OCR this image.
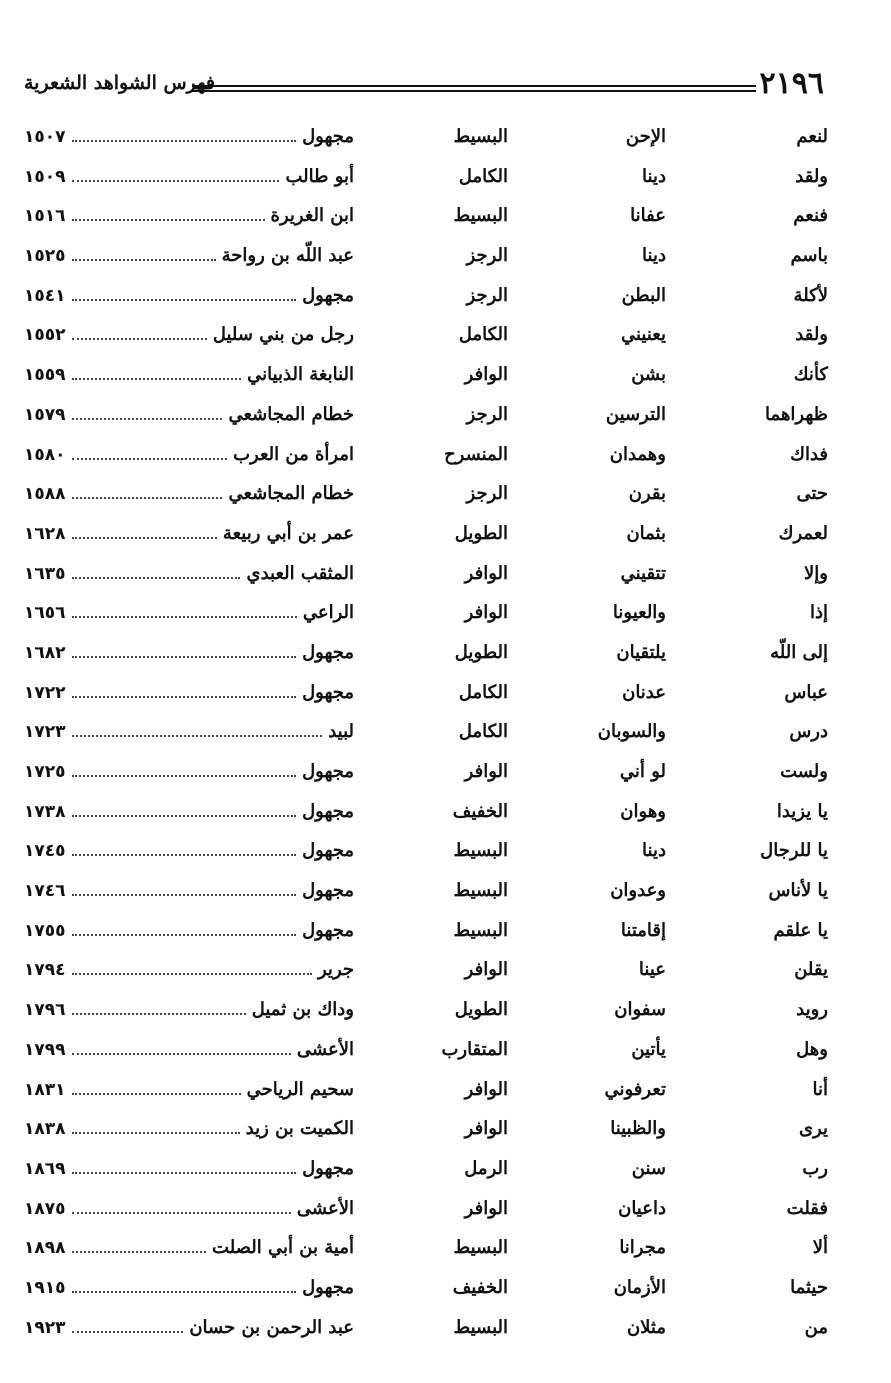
٢١٩٦
فهرس الشواهد الشعرية
لنعم
الإحن
البسيط
مجهول
١٥٠٧
ولقد
دينا
الكامل
أبو طالب
١٥٠٩
فنعم
عفانا
البسيط
ابن الغريرة
١٥١٦
باسم
دينا
الرجز
عبد اللّه بن رواحة
١٥٢٥
لأكلة
البطن
الرجز
مجهول
١٥٤١
ولقد
يعنيني
الكامل
رجل من بني سليل
١٥٥٢
كأنك
بشن
الوافر
النابغة الذبياني
١٥٥٩
ظهراهما
الترسين
الرجز
خطام المجاشعي
١٥٧٩
فداك
وهمدان
المنسرح
امرأة من العرب
١٥٨٠
حتى
بقرن
الرجز
خطام المجاشعي
١٥٨٨
لعمرك
بثمان
الطويل
عمر بن أبي ربيعة
١٦٢٨
وإلا
تتقيني
الوافر
المثقب العبدي
١٦٣٥
إذا
والعيونا
الوافر
الراعي
١٦٥٦
إلى اللّه
يلتقيان
الطويل
مجهول
١٦٨٢
عباس
عدنان
الكامل
مجهول
١٧٢٢
درس
والسوبان
الكامل
لبيد
١٧٢٣
ولست
لو أني
الوافر
مجهول
١٧٢٥
يا يزيدا
وهوان
الخفيف
مجهول
١٧٣٨
يا للرجال
دينا
البسيط
مجهول
١٧٤٥
يا لأناس
وعدوان
البسيط
مجهول
١٧٤٦
يا علقم
إقامتنا
البسيط
مجهول
١٧٥٥
يقلن
عينا
الوافر
جرير
١٧٩٤
رويد
سفوان
الطويل
وداك بن ثميل
١٧٩٦
وهل
يأتين
المتقارب
الأعشى
١٧٩٩
أنا
تعرفوني
الوافر
سحيم الرياحي
١٨٣١
يرى
والظبينا
الوافر
الكميت بن زيد
١٨٣٨
رب
سنن
الرمل
مجهول
١٨٦٩
فقلت
داعيان
الوافر
الأعشى
١٨٧٥
ألا
مجرانا
البسيط
أمية بن أبي الصلت
١٨٩٨
حيثما
الأزمان
الخفيف
مجهول
١٩١٥
من
مثلان
البسيط
عبد الرحمن بن حسان
١٩٢٣
